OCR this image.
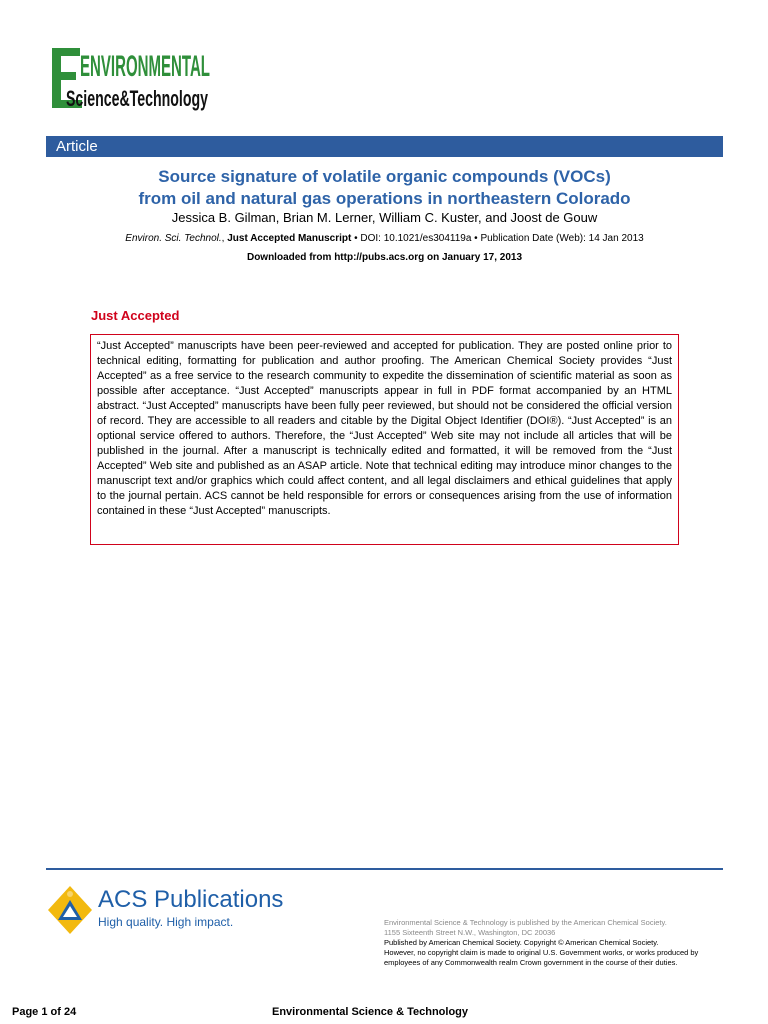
ENVIRONMENTAL
Science&Technology
Article
Source signature of volatile organic compounds (VOCs)
from oil and natural gas operations in northeastern Colorado
Jessica B. Gilman, Brian M. Lerner, William C. Kuster, and Joost de Gouw
Environ. Sci. Technol., Just Accepted Manuscript • DOI: 10.1021/es304119a • Publication Date (Web): 14 Jan 2013
Downloaded from http://pubs.acs.org on January 17, 2013
Just Accepted
“Just Accepted” manuscripts have been peer-reviewed and accepted for publication. They are posted online prior to technical editing, formatting for publication and author proofing. The American Chemical Society provides “Just Accepted” as a free service to the research community to expedite the dissemination of scientific material as soon as possible after acceptance. “Just Accepted” manuscripts appear in full in PDF format accompanied by an HTML abstract. “Just Accepted” manuscripts have been fully peer reviewed, but should not be considered the official version of record. They are accessible to all readers and citable by the Digital Object Identifier (DOI®). “Just Accepted” is an optional service offered to authors. Therefore, the “Just Accepted” Web site may not include all articles that will be published in the journal. After a manuscript is technically edited and formatted, it will be removed from the “Just Accepted” Web site and published as an ASAP article. Note that technical editing may introduce minor changes to the manuscript text and/or graphics which could affect content, and all legal disclaimers and ethical guidelines that apply to the journal pertain. ACS cannot be held responsible for errors or consequences arising from the use of information contained in these “Just Accepted” manuscripts.
ACS Publications
High quality. High impact.	Environmental Science & Technology is published by the American Chemical Society.
1155 Sixteenth Street N.W., Washington, DC 20036
Published by American Chemical Society. Copyright © American Chemical Society.
However, no copyright claim is made to original U.S. Government works, or works produced by employees of any Commonwealth realm Crown government in the course of their duties.
Page 1 of 24	Environmental Science & Technology
